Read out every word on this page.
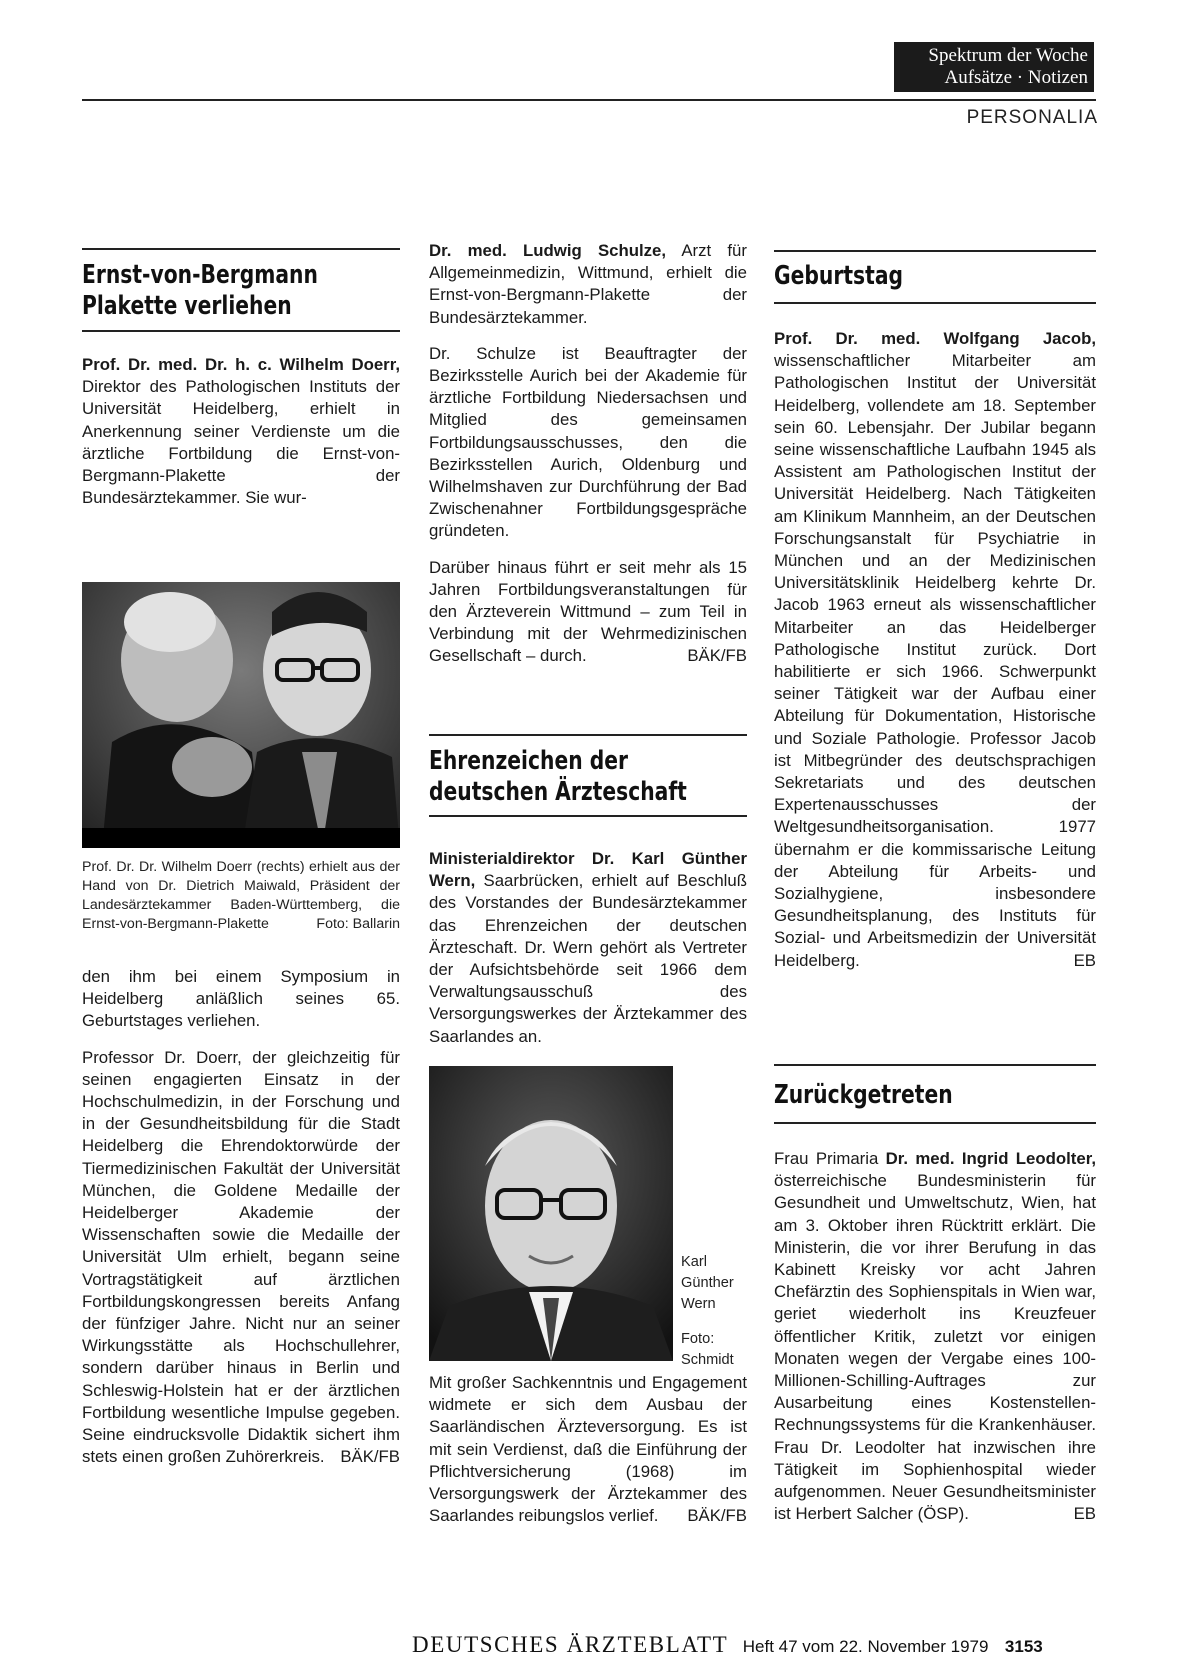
Spektrum der Woche
Aufsätze · Notizen
PERSONALIA
Ernst-von-Bergmann
Plakette verliehen

Prof. Dr. med. Dr. h. c. Wilhelm Doerr, Direktor des Pathologischen Instituts der Universität Heidelberg, erhielt in Anerkennung seiner Verdienste um die ärztliche Fortbildung die Ernst-von-Bergmann-Plakette der Bundesärztekammer. Sie wur-

Prof. Dr. Dr. Wilhelm Doerr (rechts) erhielt aus der Hand von Dr. Dietrich Maiwald, Präsident der Landesärztekammer Baden-Württemberg, die Ernst-von-Bergmann-Plakette	Foto: Ballarin

den ihm bei einem Symposium in Heidelberg anläßlich seines 65. Geburtstages verliehen.

Professor Dr. Doerr, der gleichzeitig für seinen engagierten Einsatz in der Hochschulmedizin, in der Forschung und in der Gesundheitsbildung für die Stadt Heidelberg die Ehrendoktorwürde der Tiermedizinischen Fakultät der Universität München, die Goldene Medaille der Heidelberger Akademie der Wissenschaften sowie die Medaille der Universität Ulm erhielt, begann seine Vortragstätigkeit auf ärztlichen Fortbildungskongressen bereits Anfang der fünfziger Jahre. Nicht nur an seiner Wirkungsstätte als Hochschullehrer, sondern darüber hinaus in Berlin und Schleswig-Holstein hat er der ärztlichen Fortbildung wesentliche Impulse gegeben. Seine eindrucksvolle Didaktik sichert ihm stets einen großen Zuhörerkreis. BÄK/FB

Dr. med. Ludwig Schulze, Arzt für Allgemeinmedizin, Wittmund, erhielt die Ernst-von-Bergmann-Plakette der Bundesärztekammer.

Dr. Schulze ist Beauftragter der Bezirksstelle Aurich bei der Akademie für ärztliche Fortbildung Niedersachsen und Mitglied des gemeinsamen Fortbildungsausschusses, den die Bezirksstellen Aurich, Oldenburg und Wilhelmshaven zur Durchführung der Bad Zwischenahner Fortbildungsgespräche gründeten.

Darüber hinaus führt er seit mehr als 15 Jahren Fortbildungsveranstaltungen für den Ärzteverein Wittmund – zum Teil in Verbindung mit der Wehrmedizinischen Gesellschaft – durch.	BÄK/FB

Ehrenzeichen der
deutschen Ärzteschaft

Ministerialdirektor Dr. Karl Günther Wern, Saarbrücken, erhielt auf Beschluß des Vorstandes der Bundesärztekammer das Ehrenzeichen der deutschen Ärzteschaft. Dr. Wern gehört als Vertreter der Aufsichtsbehörde seit 1966 dem Verwaltungsausschuß des Versorgungswerkes der Ärztekammer des Saarlandes an.

Karl
Günther
Wern
Foto:
Schmidt

Mit großer Sachkenntnis und Engagement widmete er sich dem Ausbau der Saarländischen Ärzteversorgung. Es ist mit sein Verdienst, daß die Einführung der Pflichtversicherung (1968) im Versorgungswerk der Ärztekammer des Saarlandes reibungslos verlief. BÄK/FB

Geburtstag

Prof. Dr. med. Wolfgang Jacob, wissenschaftlicher Mitarbeiter am Pathologischen Institut der Universität Heidelberg, vollendete am 18. September sein 60. Lebensjahr. Der Jubilar begann seine wissenschaftliche Laufbahn 1945 als Assistent am Pathologischen Institut der Universität Heidelberg. Nach Tätigkeiten am Klinikum Mannheim, an der Deutschen Forschungsanstalt für Psychiatrie in München und an der Medizinischen Universitätsklinik Heidelberg kehrte Dr. Jacob 1963 erneut als wissenschaftlicher Mitarbeiter an das Heidelberger Pathologische Institut zurück. Dort habilitierte er sich 1966. Schwerpunkt seiner Tätigkeit war der Aufbau einer Abteilung für Dokumentation, Historische und Soziale Pathologie. Professor Jacob ist Mitbegründer des deutschsprachigen Sekretariats und des deutschen Expertenausschusses der Weltgesundheitsorganisation. 1977 übernahm er die kommissarische Leitung der Abteilung für Arbeits- und Sozialhygiene, insbesondere Gesundheitsplanung, des Instituts für Sozial- und Arbeitsmedizin der Universität Heidelberg.	EB

Zurückgetreten

Frau Primaria Dr. med. Ingrid Leodolter, österreichische Bundesministerin für Gesundheit und Umweltschutz, Wien, hat am 3. Oktober ihren Rücktritt erklärt. Die Ministerin, die vor ihrer Berufung in das Kabinett Kreisky vor acht Jahren Chefärztin des Sophienspitals in Wien war, geriet wiederholt ins Kreuzfeuer öffentlicher Kritik, zuletzt vor einigen Monaten wegen der Vergabe eines 100-Millionen-Schilling-Auftrages zur Ausarbeitung eines Kostenstellen-Rechnungssystems für die Krankenhäuser. Frau Dr. Leodolter hat inzwischen ihre Tätigkeit im Sophienhospital wieder aufgenommen. Neuer Gesundheitsminister ist Herbert Salcher (ÖSP).	EB

DEUTSCHES ÄRZTEBLATT Heft 47 vom 22. November 1979 3153
